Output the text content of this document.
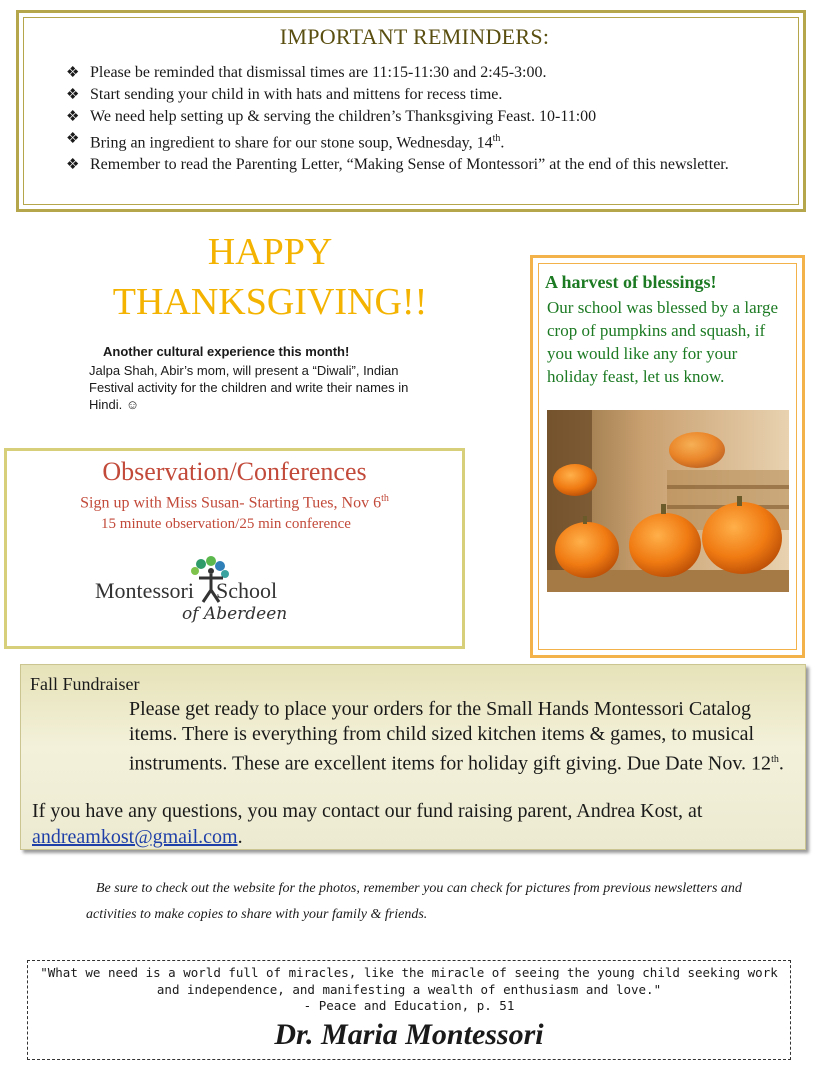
IMPORTANT REMINDERS:
❖ Please be reminded that dismissal times are 11:15-11:30 and 2:45-3:00.
❖ Start sending your child in with hats and mittens for recess time.
❖ We need help setting up & serving the children’s Thanksgiving Feast. 10-11:00
❖ Bring an ingredient to share for our stone soup, Wednesday, 14th.
❖ Remember to read the Parenting Letter, “Making Sense of Montessori” at the end of this newsletter.
HAPPY
THANKSGIVING!!
Another cultural experience this month!
Jalpa Shah, Abir’s mom, will present a “Diwali”, Indian Festival activity for the children and write their names in Hindi. ☺
Observation/Conferences
Sign up with Miss Susan- Starting Tues, Nov 6th
15 minute observation/25 min conference
Montessori School
of Aberdeen
A harvest of blessings!
Our school was blessed by a large crop of pumpkins and squash, if you would like any for your holiday feast, let us know.
Fall Fundraiser
Please get ready to place your orders for the Small Hands Montessori Catalog items. There is everything from child sized kitchen items & games, to musical instruments. These are excellent items for holiday gift giving. Due Date Nov. 12th.
If you have any questions, you may contact our fund raising parent, Andrea Kost, at andreamkost@gmail.com.
Be sure to check out the website for the photos, remember you can check for pictures from previous newsletters and activities to make copies to share with your family & friends.
"What we need is a world full of miracles, like the miracle of seeing the young child seeking work and independence, and manifesting a wealth of enthusiasm and love."
- Peace and Education, p. 51
Dr. Maria Montessori
